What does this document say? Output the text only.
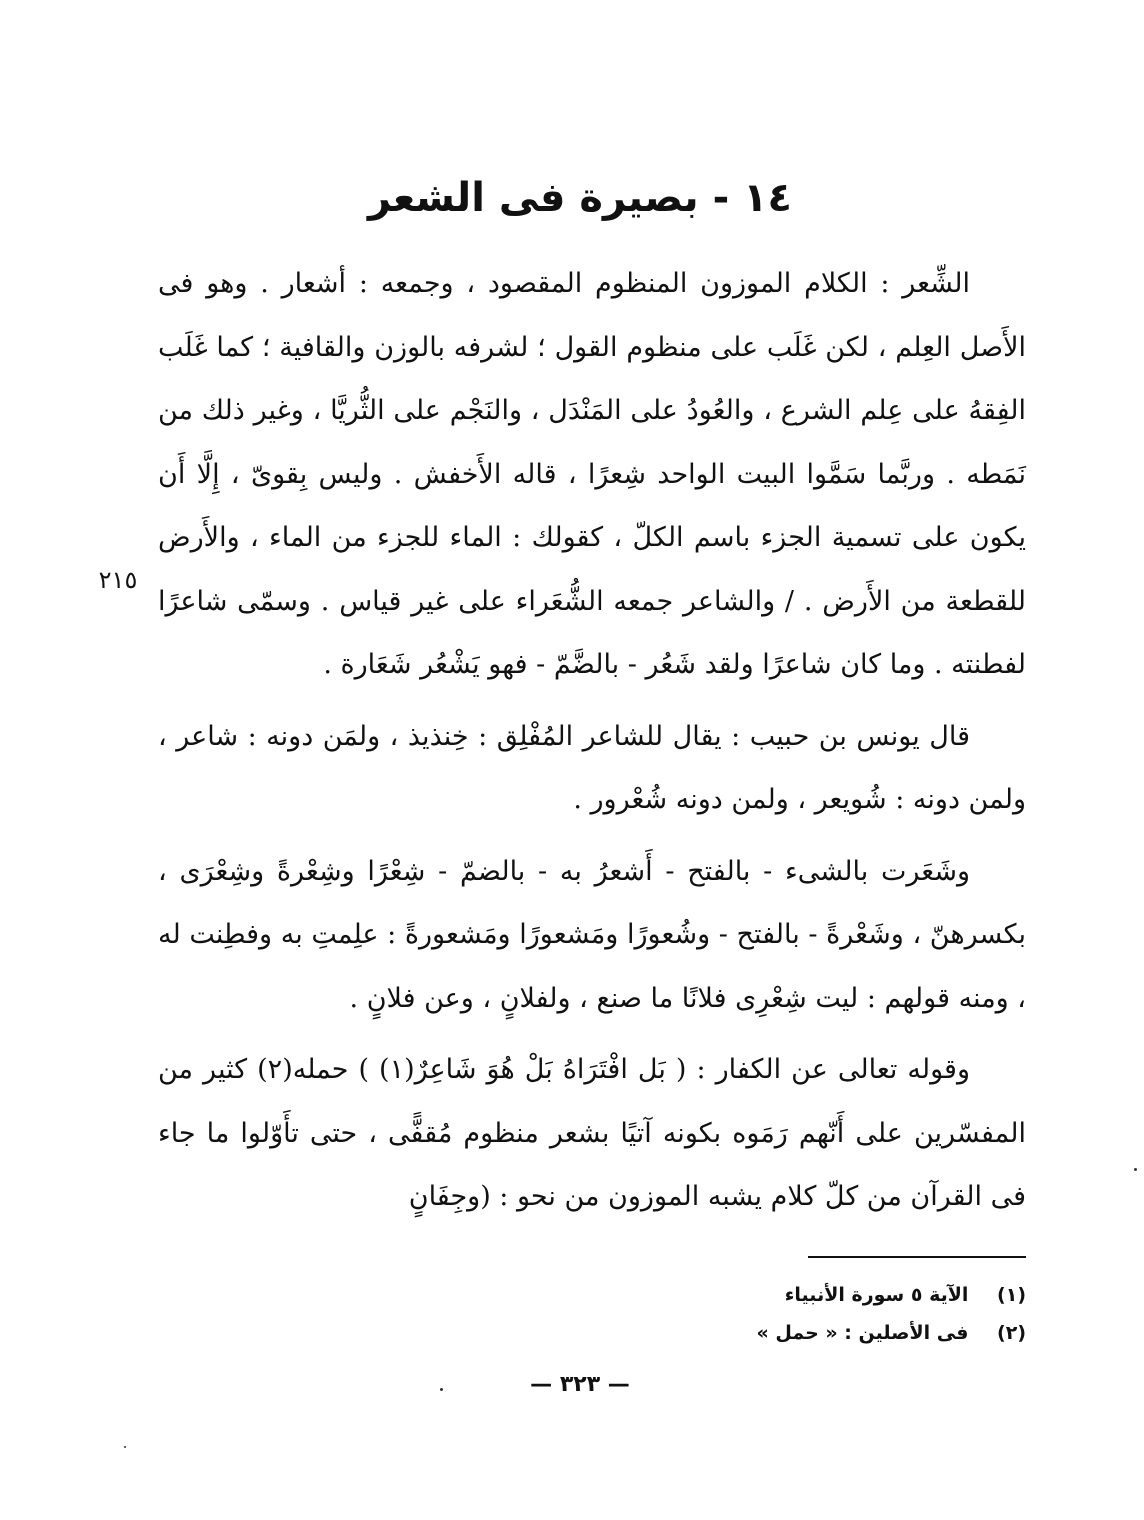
١٤ - بصيرة فى الشعر

الشِّعر : الكلام الموزون المنظوم المقصود ، وجمعه : أشعار . وهو فى الأَصل العِلم ، لكن غَلَب على منظوم القول ؛ لشرفه بالوزن والقافية ؛ كما غَلَب الفِقهُ على عِلم الشرع ، والعُودُ على المَنْدَل ، والنَجْم على الثُّريَّا ، وغير ذلك من نَمَطه . وربَّما سَمَّوا البيت الواحد شِعرًا ، قاله الأَخفش . وليس بِقوىّ ، إِلَّا أَن يكون على تسمية الجزء باسم الكلّ ، كقولك : الماء للجزء من الماء ، والأَرض للقطعة من الأَرض . / والشاعر جمعه الشُّعَراء على غير قياس . وسمّى شاعرًا لفطنته . وما كان شاعرًا ولقد شَعُر - بالضَّمّ - فهو يَشْعُر شَعَارة .

قال يونس بن حبيب : يقال للشاعر المُفْلِق : خِنذيذ ، ولمَن دونه : شاعر ، ولمن دونه : شُويعر ، ولمن دونه شُعْرور .

وشَعَرت بالشىء - بالفتح - أَشعرُ به - بالضمّ - شِعْرًا وشِعْرةً وشِعْرَى ، بكسرهنّ ، وشَعْرةً - بالفتح - وشُعورًا ومَشعورًا ومَشعورةً : علِمتِ به وفطِنت له ، ومنه قولهم : ليت شِعْرِى فلانًا ما صنع ، ولفلانٍ ، وعن فلانٍ .

وقوله تعالى عن الكفار : ( بَل افْتَرَاهُ بَلْ هُوَ شَاعِرٌ(١) ) حمله(٢) كثير من المفسّرين على أَنّهم رَمَوه بكونه آتيًا بشعر منظوم مُقفًّى ، حتى تأَوّلوا ما جاء فى القرآن من كلّ كلام يشبه الموزون من نحو : (وجِفَانٍ

٢١٥
(١) الآية ٥ سورة الأنبياء
(٢) فى الأصلين : « حمل »
— ٣٢٣ —
